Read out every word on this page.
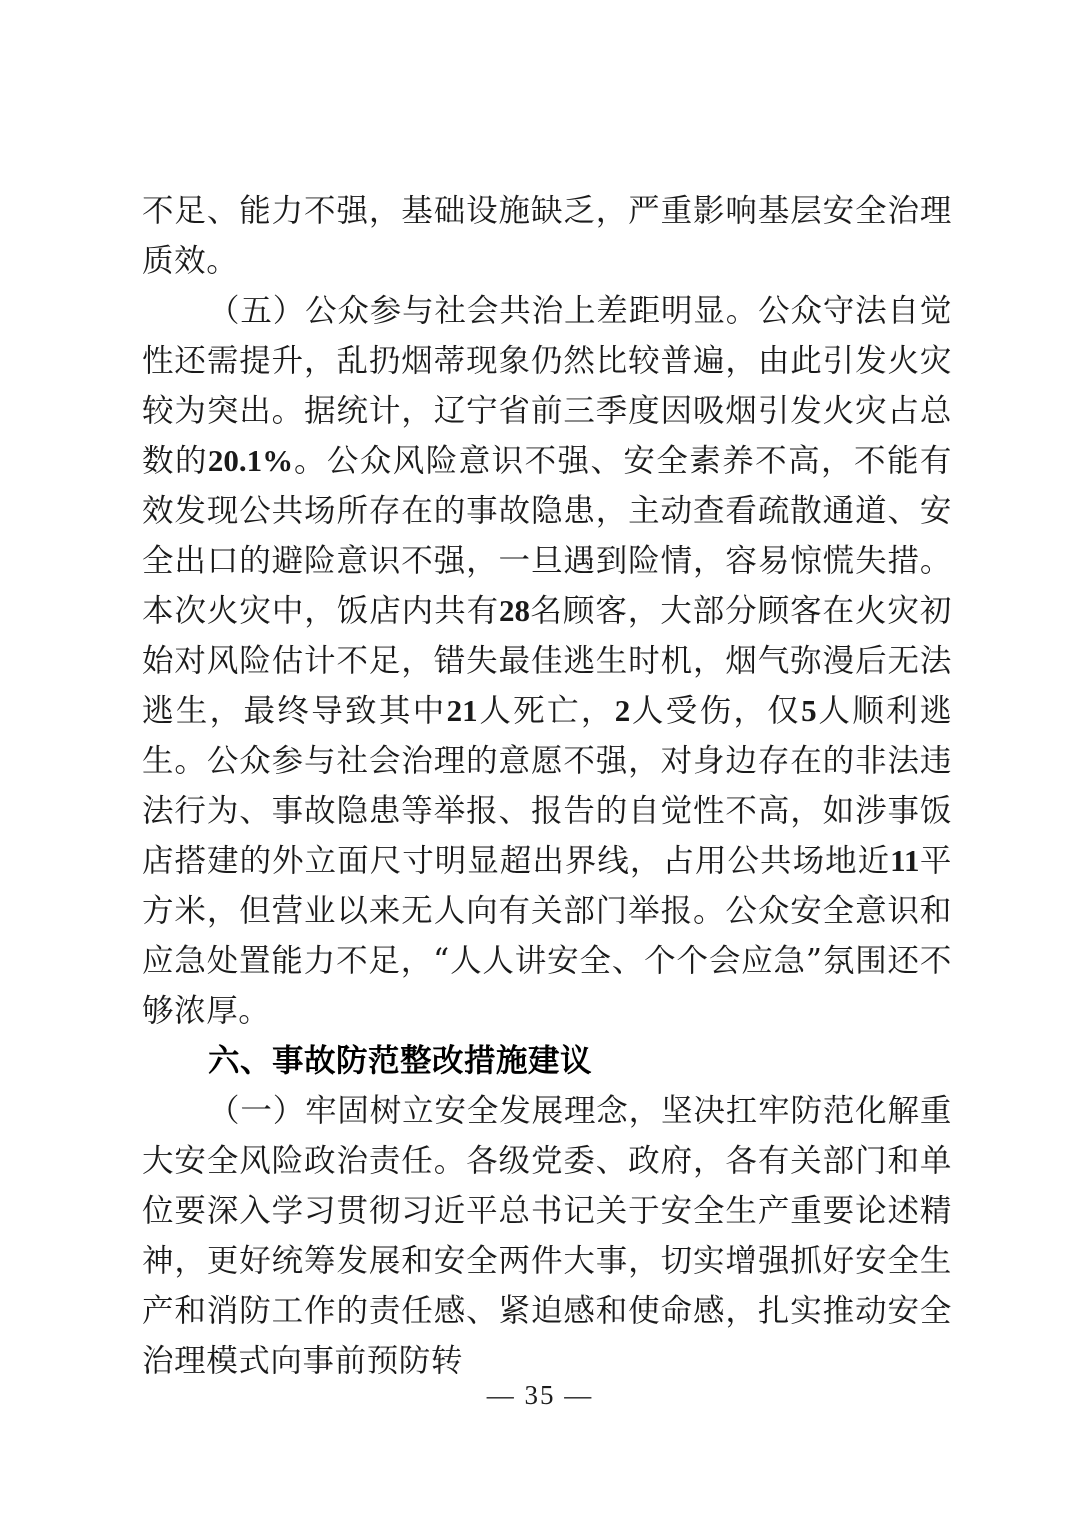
不足、能力不强，基础设施缺乏，严重影响基层安全治理质效。

（五）公众参与社会共治上差距明显。公众守法自觉性还需提升，乱扔烟蒂现象仍然比较普遍，由此引发火灾较为突出。据统计，辽宁省前三季度因吸烟引发火灾占总数的20.1%。公众风险意识不强、安全素养不高，不能有效发现公共场所存在的事故隐患，主动查看疏散通道、安全出口的避险意识不强，一旦遇到险情，容易惊慌失措。本次火灾中，饭店内共有28名顾客，大部分顾客在火灾初始对风险估计不足，错失最佳逃生时机，烟气弥漫后无法逃生，最终导致其中21人死亡，2人受伤，仅5人顺利逃生。公众参与社会治理的意愿不强，对身边存在的非法违法行为、事故隐患等举报、报告的自觉性不高，如涉事饭店搭建的外立面尺寸明显超出界线，占用公共场地近11平方米，但营业以来无人向有关部门举报。公众安全意识和应急处置能力不足，“人人讲安全、个个会应急”氛围还不够浓厚。

六、事故防范整改措施建议

（一）牢固树立安全发展理念，坚决扛牢防范化解重大安全风险政治责任。各级党委、政府，各有关部门和单位要深入学习贯彻习近平总书记关于安全生产重要论述精神，更好统筹发展和安全两件大事，切实增强抓好安全生产和消防工作的责任感、紧迫感和使命感，扎实推动安全治理模式向事前预防转

— 35 —
